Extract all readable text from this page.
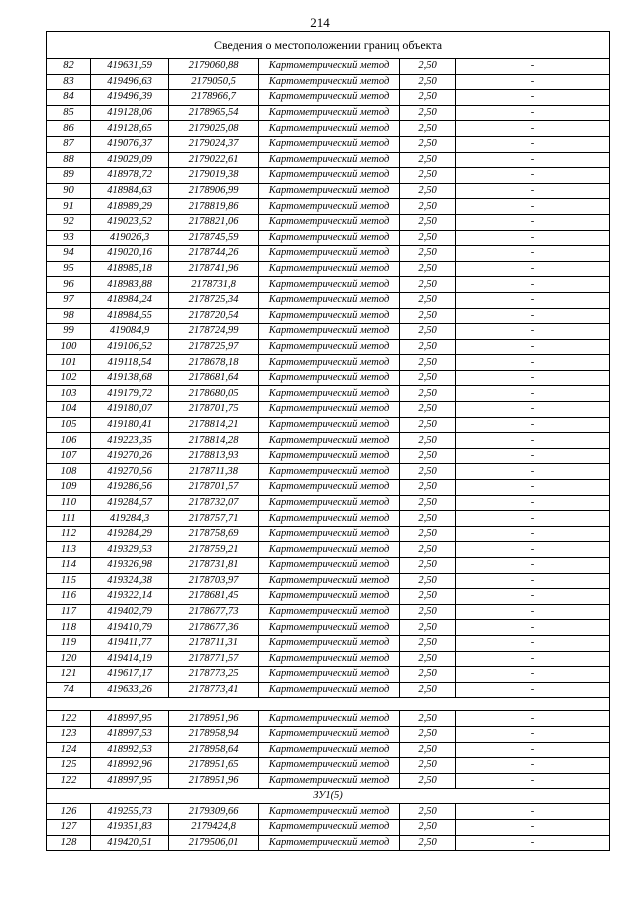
214
Сведения о местоположении границ объекта					
82	419631,59	2179060,88	Картометрический метод	2,50	-
83	419496,63	2179050,5	Картометрический метод	2,50	-
84	419496,39	2178966,7	Картометрический метод	2,50	-
85	419128,06	2178965,54	Картометрический метод	2,50	-
86	419128,65	2179025,08	Картометрический метод	2,50	-
87	419076,37	2179024,37	Картометрический метод	2,50	-
88	419029,09	2179022,61	Картометрический метод	2,50	-
89	418978,72	2179019,38	Картометрический метод	2,50	-
90	418984,63	2178906,99	Картометрический метод	2,50	-
91	418989,29	2178819,86	Картометрический метод	2,50	-
92	419023,52	2178821,06	Картометрический метод	2,50	-
93	419026,3	2178745,59	Картометрический метод	2,50	-
94	419020,16	2178744,26	Картометрический метод	2,50	-
95	418985,18	2178741,96	Картометрический метод	2,50	-
96	418983,88	2178731,8	Картометрический метод	2,50	-
97	418984,24	2178725,34	Картометрический метод	2,50	-
98	418984,55	2178720,54	Картометрический метод	2,50	-
99	419084,9	2178724,99	Картометрический метод	2,50	-
100	419106,52	2178725,97	Картометрический метод	2,50	-
101	419118,54	2178678,18	Картометрический метод	2,50	-
102	419138,68	2178681,64	Картометрический метод	2,50	-
103	419179,72	2178680,05	Картометрический метод	2,50	-
104	419180,07	2178701,75	Картометрический метод	2,50	-
105	419180,41	2178814,21	Картометрический метод	2,50	-
106	419223,35	2178814,28	Картометрический метод	2,50	-
107	419270,26	2178813,93	Картометрический метод	2,50	-
108	419270,56	2178711,38	Картометрический метод	2,50	-
109	419286,56	2178701,57	Картометрический метод	2,50	-
110	419284,57	2178732,07	Картометрический метод	2,50	-
111	419284,3	2178757,71	Картометрический метод	2,50	-
112	419284,29	2178758,69	Картометрический метод	2,50	-
113	419329,53	2178759,21	Картометрический метод	2,50	-
114	419326,98	2178731,81	Картометрический метод	2,50	-
115	419324,38	2178703,97	Картометрический метод	2,50	-
116	419322,14	2178681,45	Картометрический метод	2,50	-
117	419402,79	2178677,73	Картометрический метод	2,50	-
118	419410,79	2178677,36	Картометрический метод	2,50	-
119	419411,77	2178711,31	Картометрический метод	2,50	-
120	419414,19	2178771,57	Картометрический метод	2,50	-
121	419617,17	2178773,25	Картометрический метод	2,50	-
74	419633,26	2178773,41	Картометрический метод	2,50	-

122	418997,95	2178951,96	Картометрический метод	2,50	-
123	418997,53	2178958,94	Картометрический метод	2,50	-
124	418992,53	2178958,64	Картометрический метод	2,50	-
125	418992,96	2178951,65	Картометрический метод	2,50	-
122	418997,95	2178951,96	Картометрический метод	2,50	-
ЗУ1(5)					
126	419255,73	2179309,66	Картометрический метод	2,50	-
127	419351,83	2179424,8	Картометрический метод	2,50	-
128	419420,51	2179506,01	Картометрический метод	2,50	-
